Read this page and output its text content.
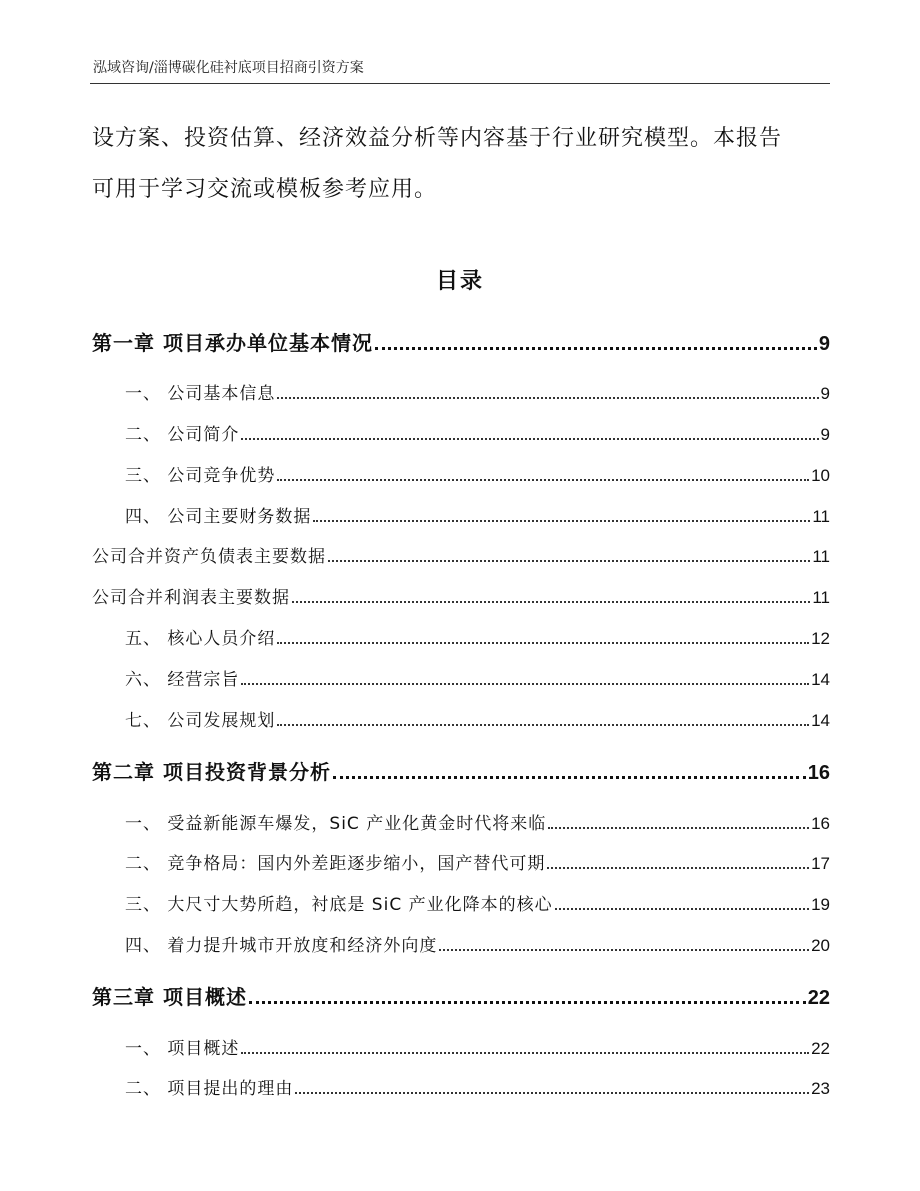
泓域咨询/淄博碳化硅衬底项目招商引资方案
设方案、投资估算、经济效益分析等内容基于行业研究模型。本报告
可用于学习交流或模板参考应用。
目录
第一章 项目承办单位基本情况	9
一、 公司基本信息	9
二、 公司简介	9
三、 公司竞争优势	10
四、 公司主要财务数据	11
公司合并资产负债表主要数据	11
公司合并利润表主要数据	11
五、 核心人员介绍	12
六、 经营宗旨	14
七、 公司发展规划	14
第二章 项目投资背景分析	16
一、 受益新能源车爆发，SiC 产业化黄金时代将来临	16
二、 竞争格局：国内外差距逐步缩小，国产替代可期	17
三、 大尺寸大势所趋，衬底是 SiC 产业化降本的核心	19
四、 着力提升城市开放度和经济外向度	20
第三章 项目概述	22
一、 项目概述	22
二、 项目提出的理由	23
